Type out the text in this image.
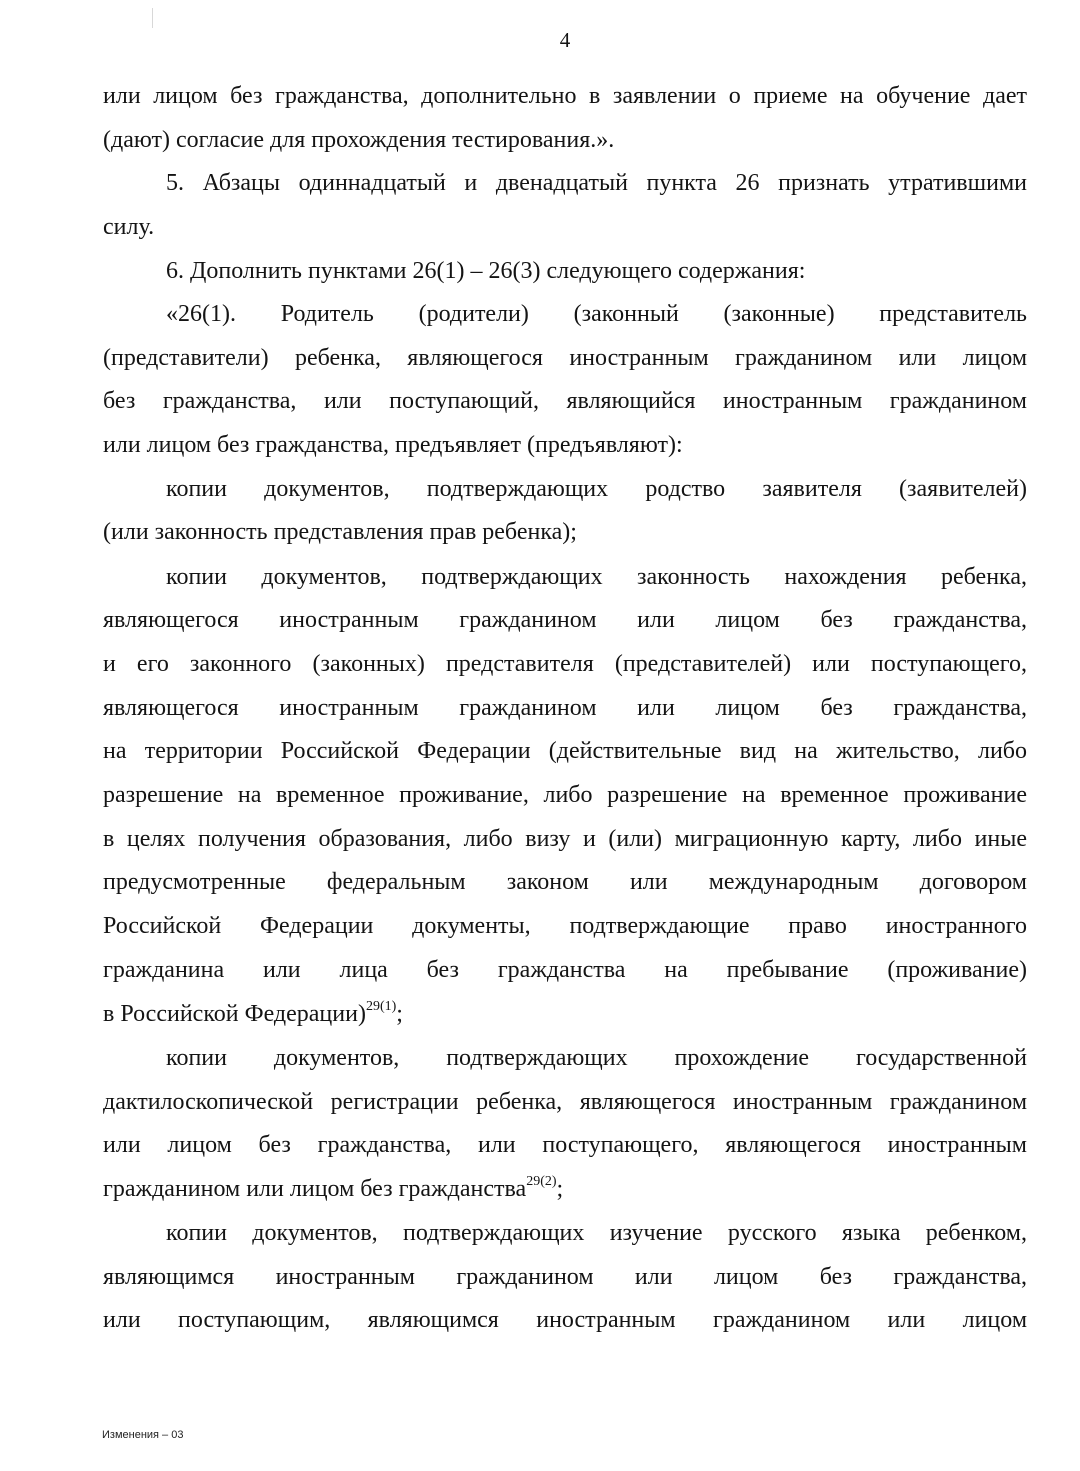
4
или лицом без гражданства, дополнительно в заявлении о приеме на обучение дает
(дают) согласие для прохождения тестирования.».
5. Абзацы одиннадцатый и двенадцатый пункта 26 признать утратившими
силу.
6. Дополнить пунктами 26(1) – 26(3) следующего содержания:
«26(1). Родитель (родители) (законный (законные) представитель
(представители) ребенка, являющегося иностранным гражданином или лицом
без гражданства, или поступающий, являющийся иностранным гражданином
или лицом без гражданства, предъявляет (предъявляют):
копии документов, подтверждающих родство заявителя (заявителей)
(или законность представления прав ребенка);
копии документов, подтверждающих законность нахождения ребенка,
являющегося иностранным гражданином или лицом без гражданства,
и его законного (законных) представителя (представителей) или поступающего,
являющегося иностранным гражданином или лицом без гражданства,
на территории Российской Федерации (действительные вид на жительство, либо
разрешение на временное проживание, либо разрешение на временное проживание
в целях получения образования, либо визу и (или) миграционную карту, либо иные
предусмотренные федеральным законом или международным договором
Российской Федерации документы, подтверждающие право иностранного
гражданина или лица без гражданства на пребывание (проживание)
в Российской Федерации)$^{29(1)}$;
копии документов, подтверждающих прохождение государственной
дактилоскопической регистрации ребенка, являющегося иностранным гражданином
или лицом без гражданства, или поступающего, являющегося иностранным
гражданином или лицом без гражданства$^{29(2)}$;
копии документов, подтверждающих изучение русского языка ребенком,
являющимся иностранным гражданином или лицом без гражданства,
или поступающим, являющимся иностранным гражданином или лицом
Изменения – 03
